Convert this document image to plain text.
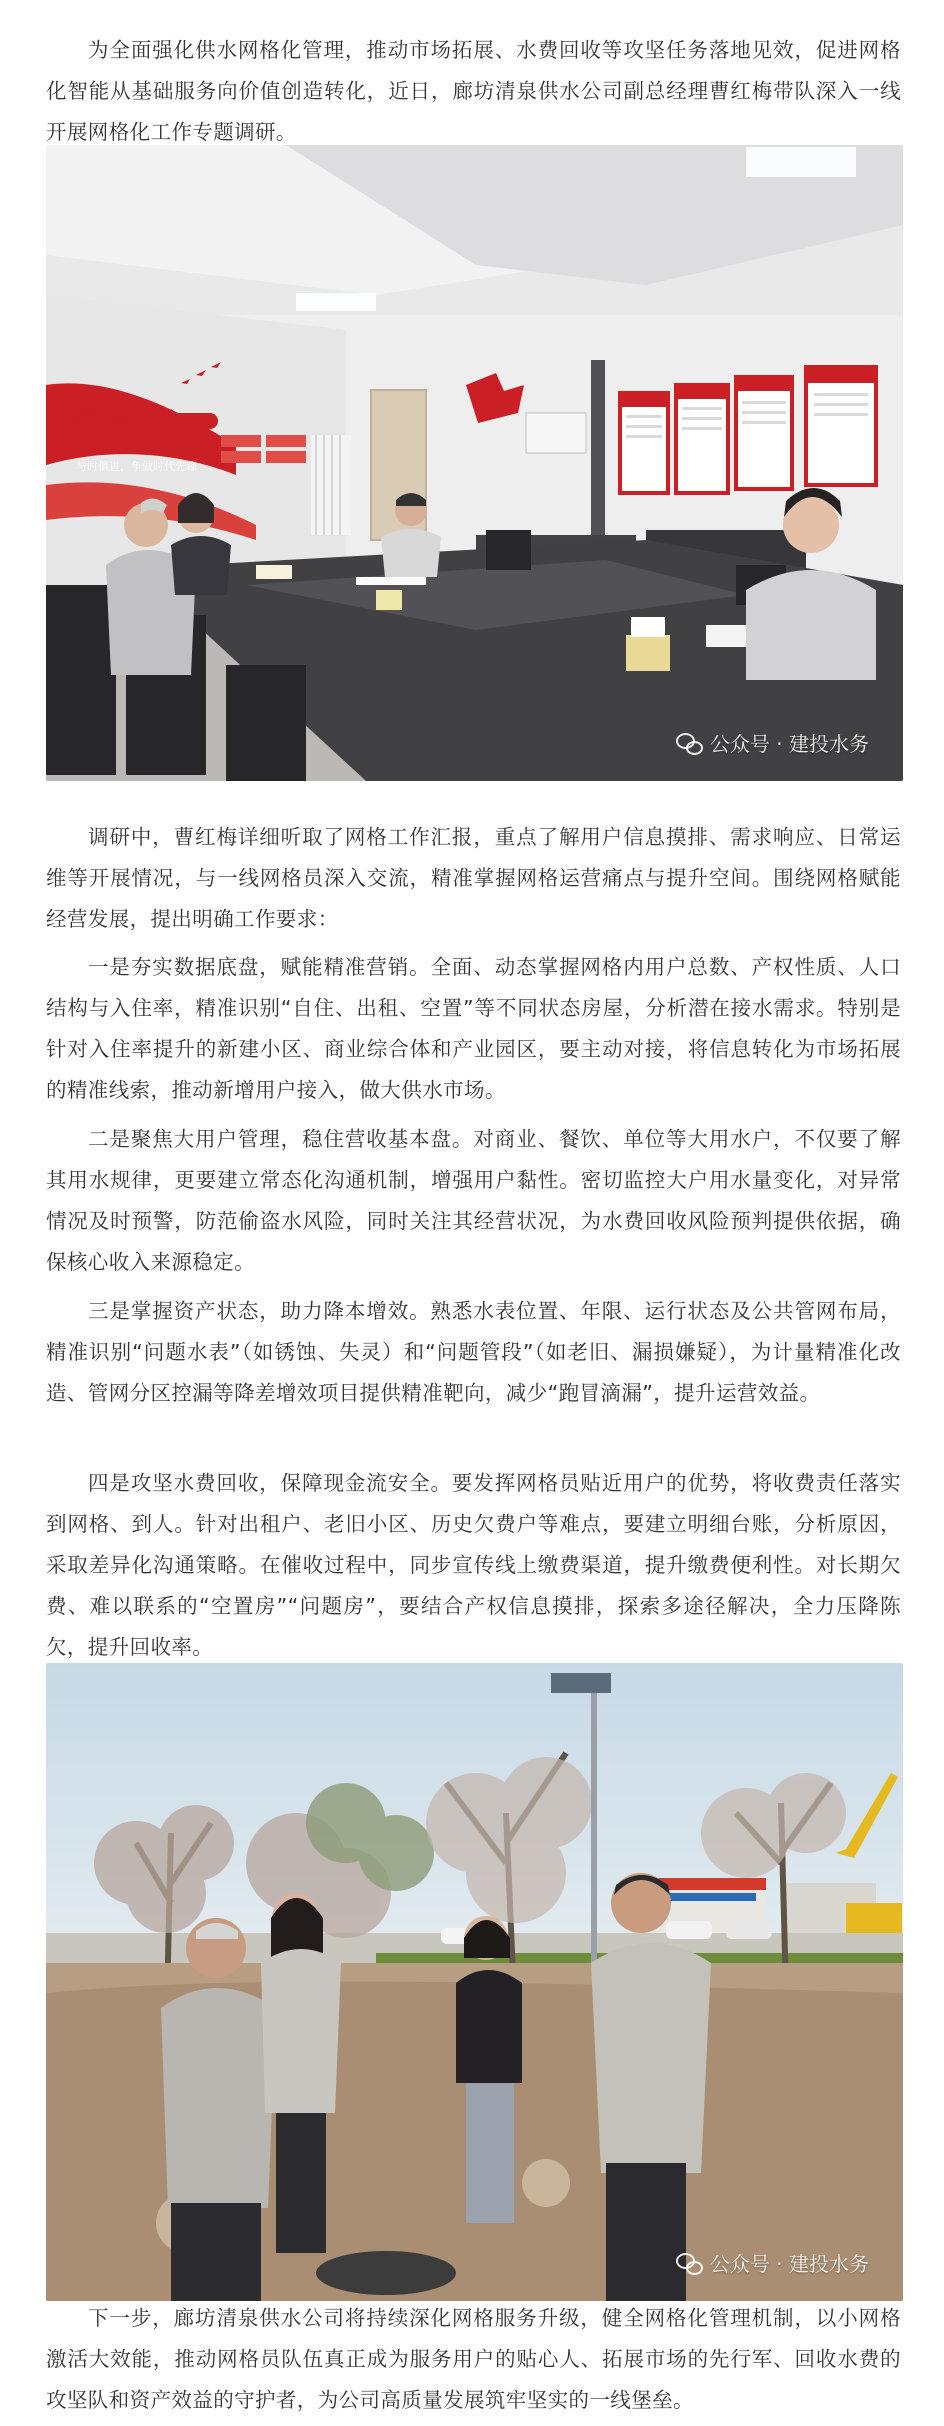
为全面强化供水网格化管理，推动市场拓展、水费回收等攻坚任务落地见效，促进网格化智能从基础服务向价值创造转化，近日，廊坊清泉供水公司副总经理曹红梅带队深入一线开展网格化工作专题调研。

公众号 · 建投水务

调研中，曹红梅详细听取了网格工作汇报，重点了解用户信息摸排、需求响应、日常运维等开展情况，与一线网格员深入交流，精准掌握网格运营痛点与提升空间。围绕网格赋能经营发展，提出明确工作要求：

一是夯实数据底盘，赋能精准营销。全面、动态掌握网格内用户总数、产权性质、人口结构与入住率，精准识别“自住、出租、空置”等不同状态房屋，分析潜在接水需求。特别是针对入住率提升的新建小区、商业综合体和产业园区，要主动对接，将信息转化为市场拓展的精准线索，推动新增用户接入，做大供水市场。

二是聚焦大用户管理，稳住营收基本盘。对商业、餐饮、单位等大用水户，不仅要了解其用水规律，更要建立常态化沟通机制，增强用户黏性。密切监控大户用水量变化，对异常情况及时预警，防范偷盗水风险，同时关注其经营状况，为水费回收风险预判提供依据，确保核心收入来源稳定。

三是掌握资产状态，助力降本增效。熟悉水表位置、年限、运行状态及公共管网布局，精准识别“问题水表”（如锈蚀、失灵）和“问题管段”（如老旧、漏损嫌疑），为计量精准化改造、管网分区控漏等降差增效项目提供精准靶向，减少“跑冒滴漏”，提升运营效益。

四是攻坚水费回收，保障现金流安全。要发挥网格员贴近用户的优势，将收费责任落实到网格、到人。针对出租户、老旧小区、历史欠费户等难点，要建立明细台账，分析原因，采取差异化沟通策略。在催收过程中，同步宣传线上缴费渠道，提升缴费便利性。对长期欠费、难以联系的“空置房”“问题房”，要结合产权信息摸排，探索多途径解决，全力压降陈欠，提升回收率。

公众号 · 建投水务

下一步，廊坊清泉供水公司将持续深化网格服务升级，健全网格化管理机制，以小网格激活大效能，推动网格员队伍真正成为服务用户的贴心人、拓展市场的先行军、回收水费的攻坚队和资产效益的守护者，为公司高质量发展筑牢坚实的一线堡垒。
